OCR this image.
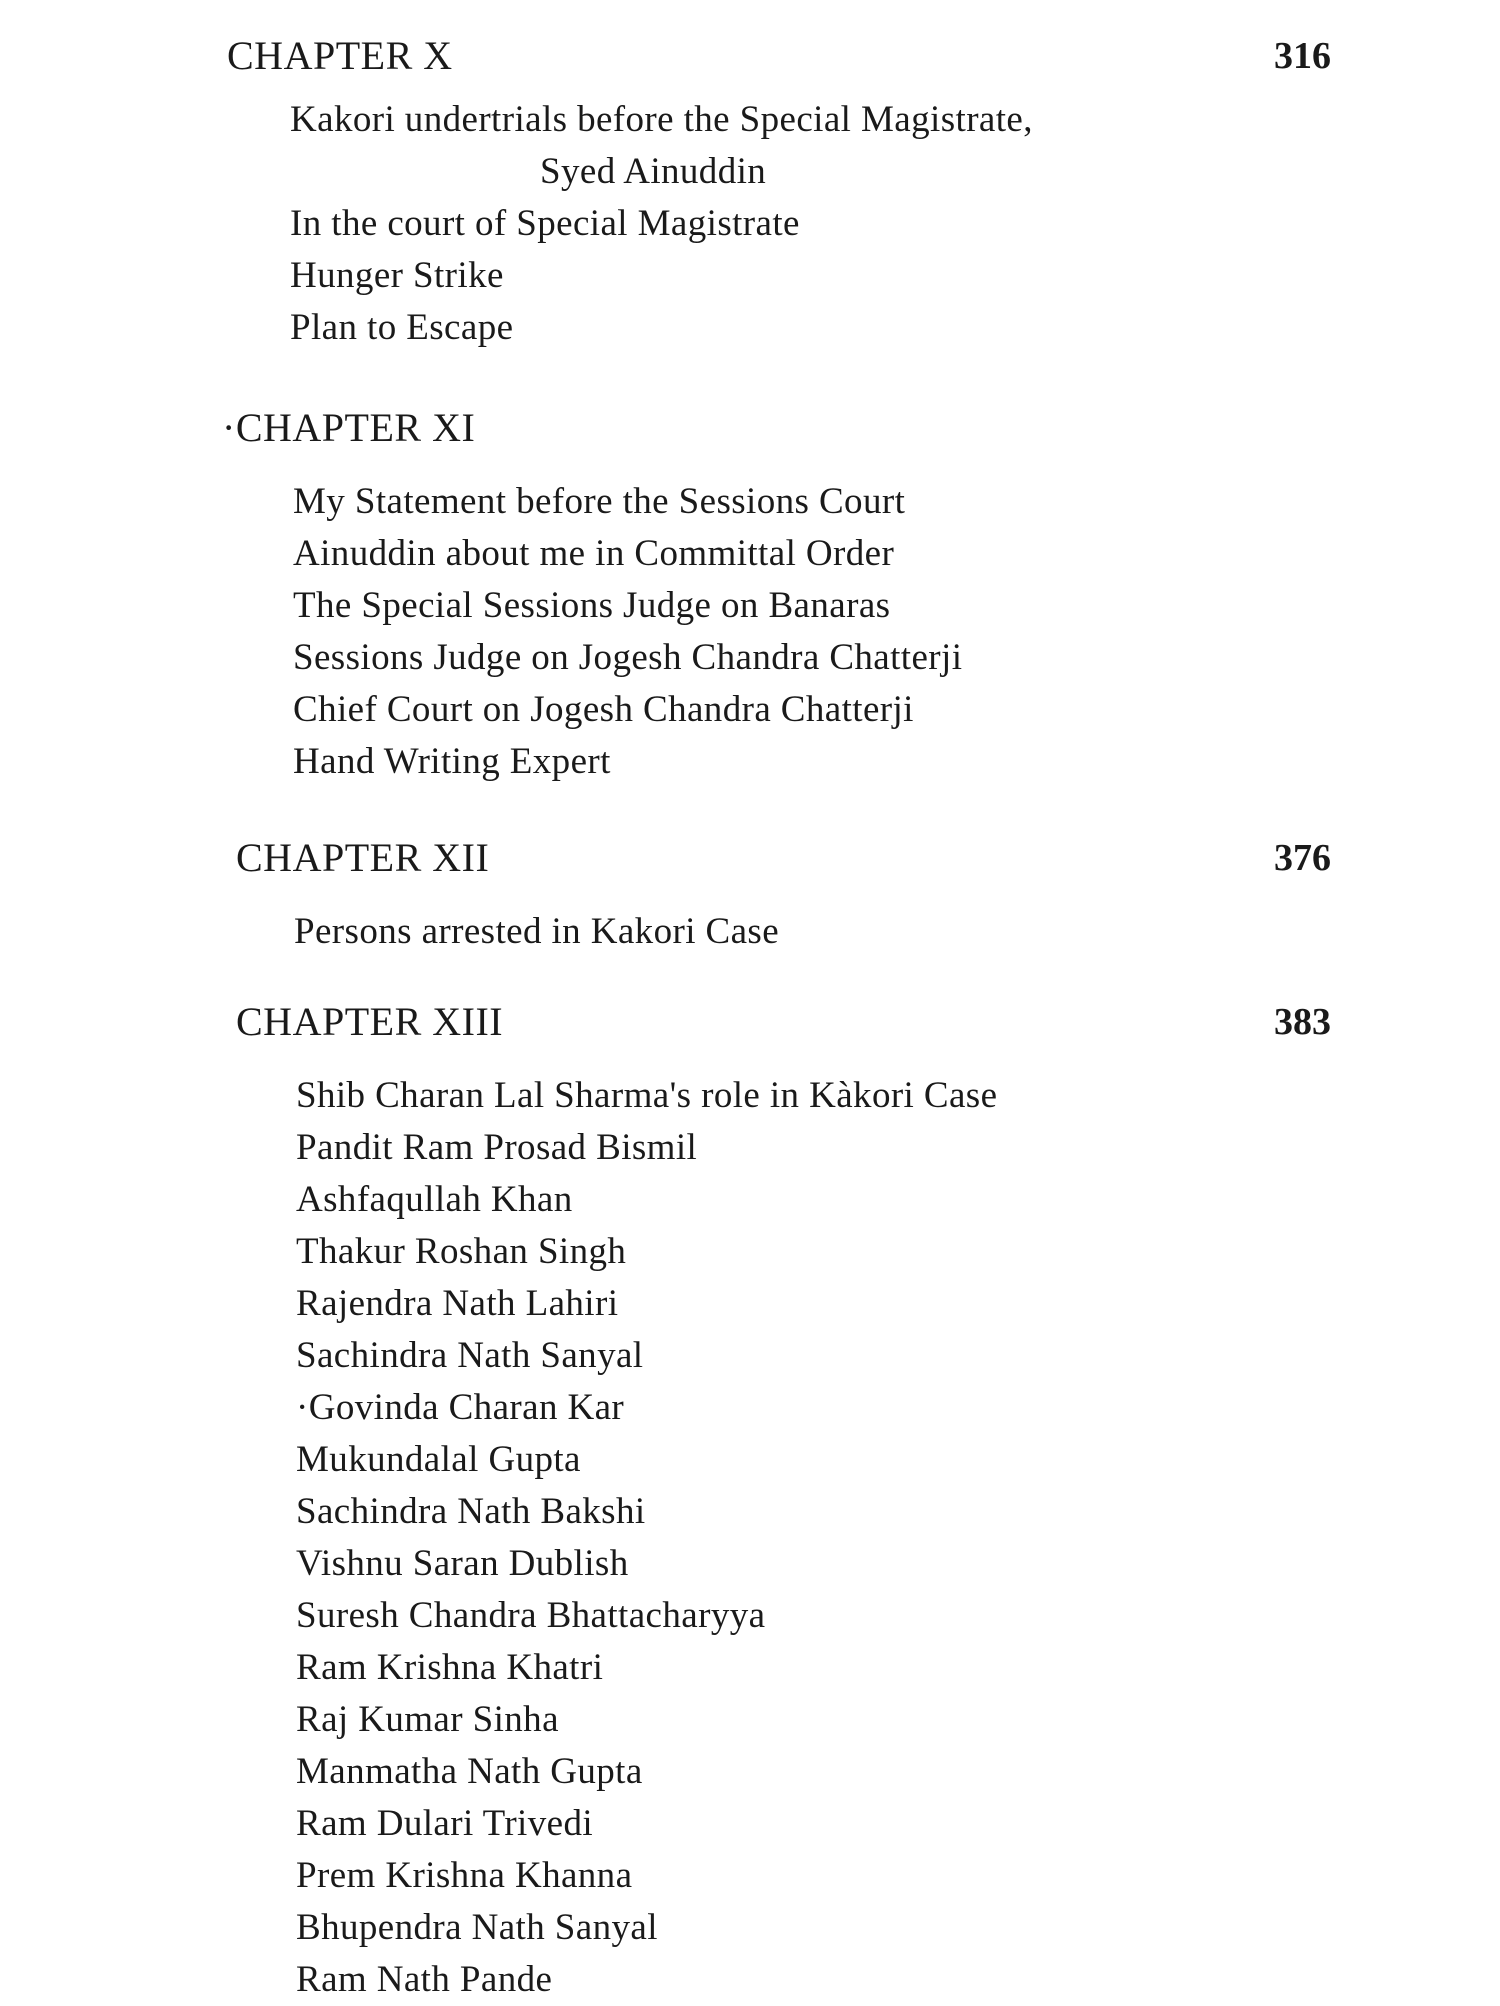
CHAPTER X	316
Kakori undertrials before the Special Magistrate,
Syed Ainuddin
In the court of Special Magistrate
Hunger Strike
Plan to Escape
·CHAPTER XI
My Statement before the Sessions Court
Ainuddin about me in Committal Order
The Special Sessions Judge on Banaras
Sessions Judge on Jogesh Chandra Chatterji
Chief Court on Jogesh Chandra Chatterji
Hand Writing Expert
CHAPTER XII	376
Persons arrested in Kakori Case
CHAPTER XIII	383
Shib Charan Lal Sharma's role in Kàkori Case
Pandit Ram Prosad Bismil
Ashfaqullah Khan
Thakur Roshan Singh
Rajendra Nath Lahiri
Sachindra Nath Sanyal
·Govinda Charan Kar
Mukundalal Gupta
Sachindra Nath Bakshi
Vishnu Saran Dublish
Suresh Chandra Bhattacharyya
Ram Krishna Khatri
Raj Kumar Sinha
Manmatha Nath Gupta
Ram Dulari Trivedi
Prem Krishna Khanna
Bhupendra Nath Sanyal
Ram Nath Pande
